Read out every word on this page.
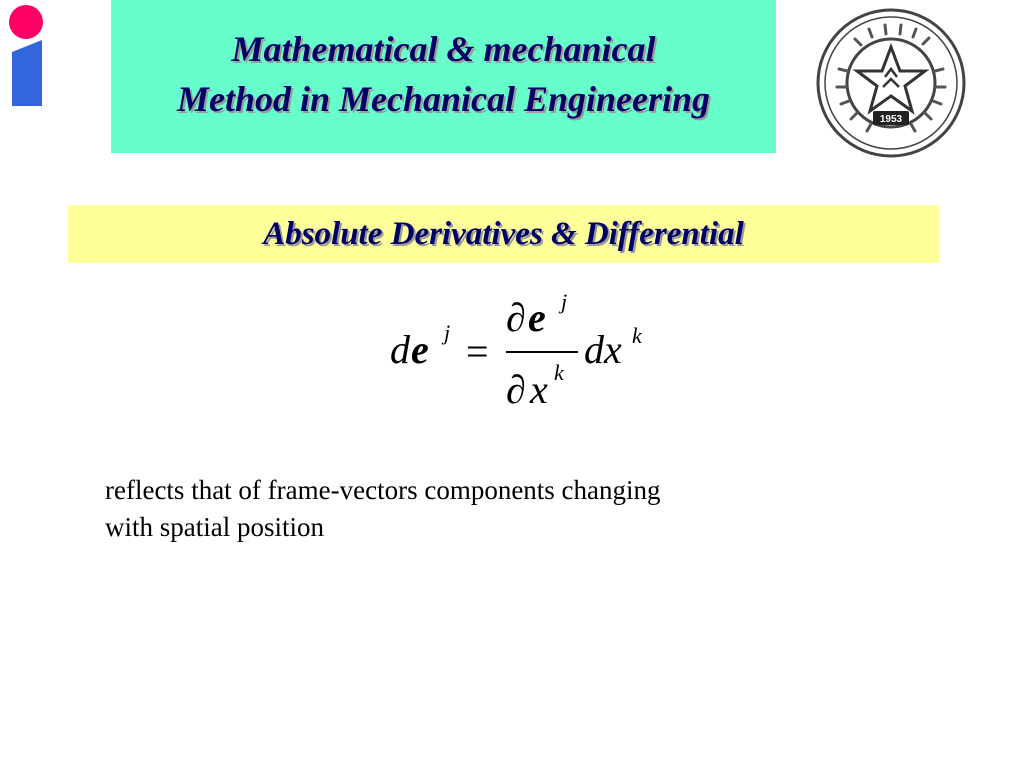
Mathematical & mechanical
Method in Mechanical Engineering
1953
Absolute Derivatives & Differential
d e j =
∂ e j
∂ x k
dx k
reflects that of frame-vectors components changing
with spatial position
